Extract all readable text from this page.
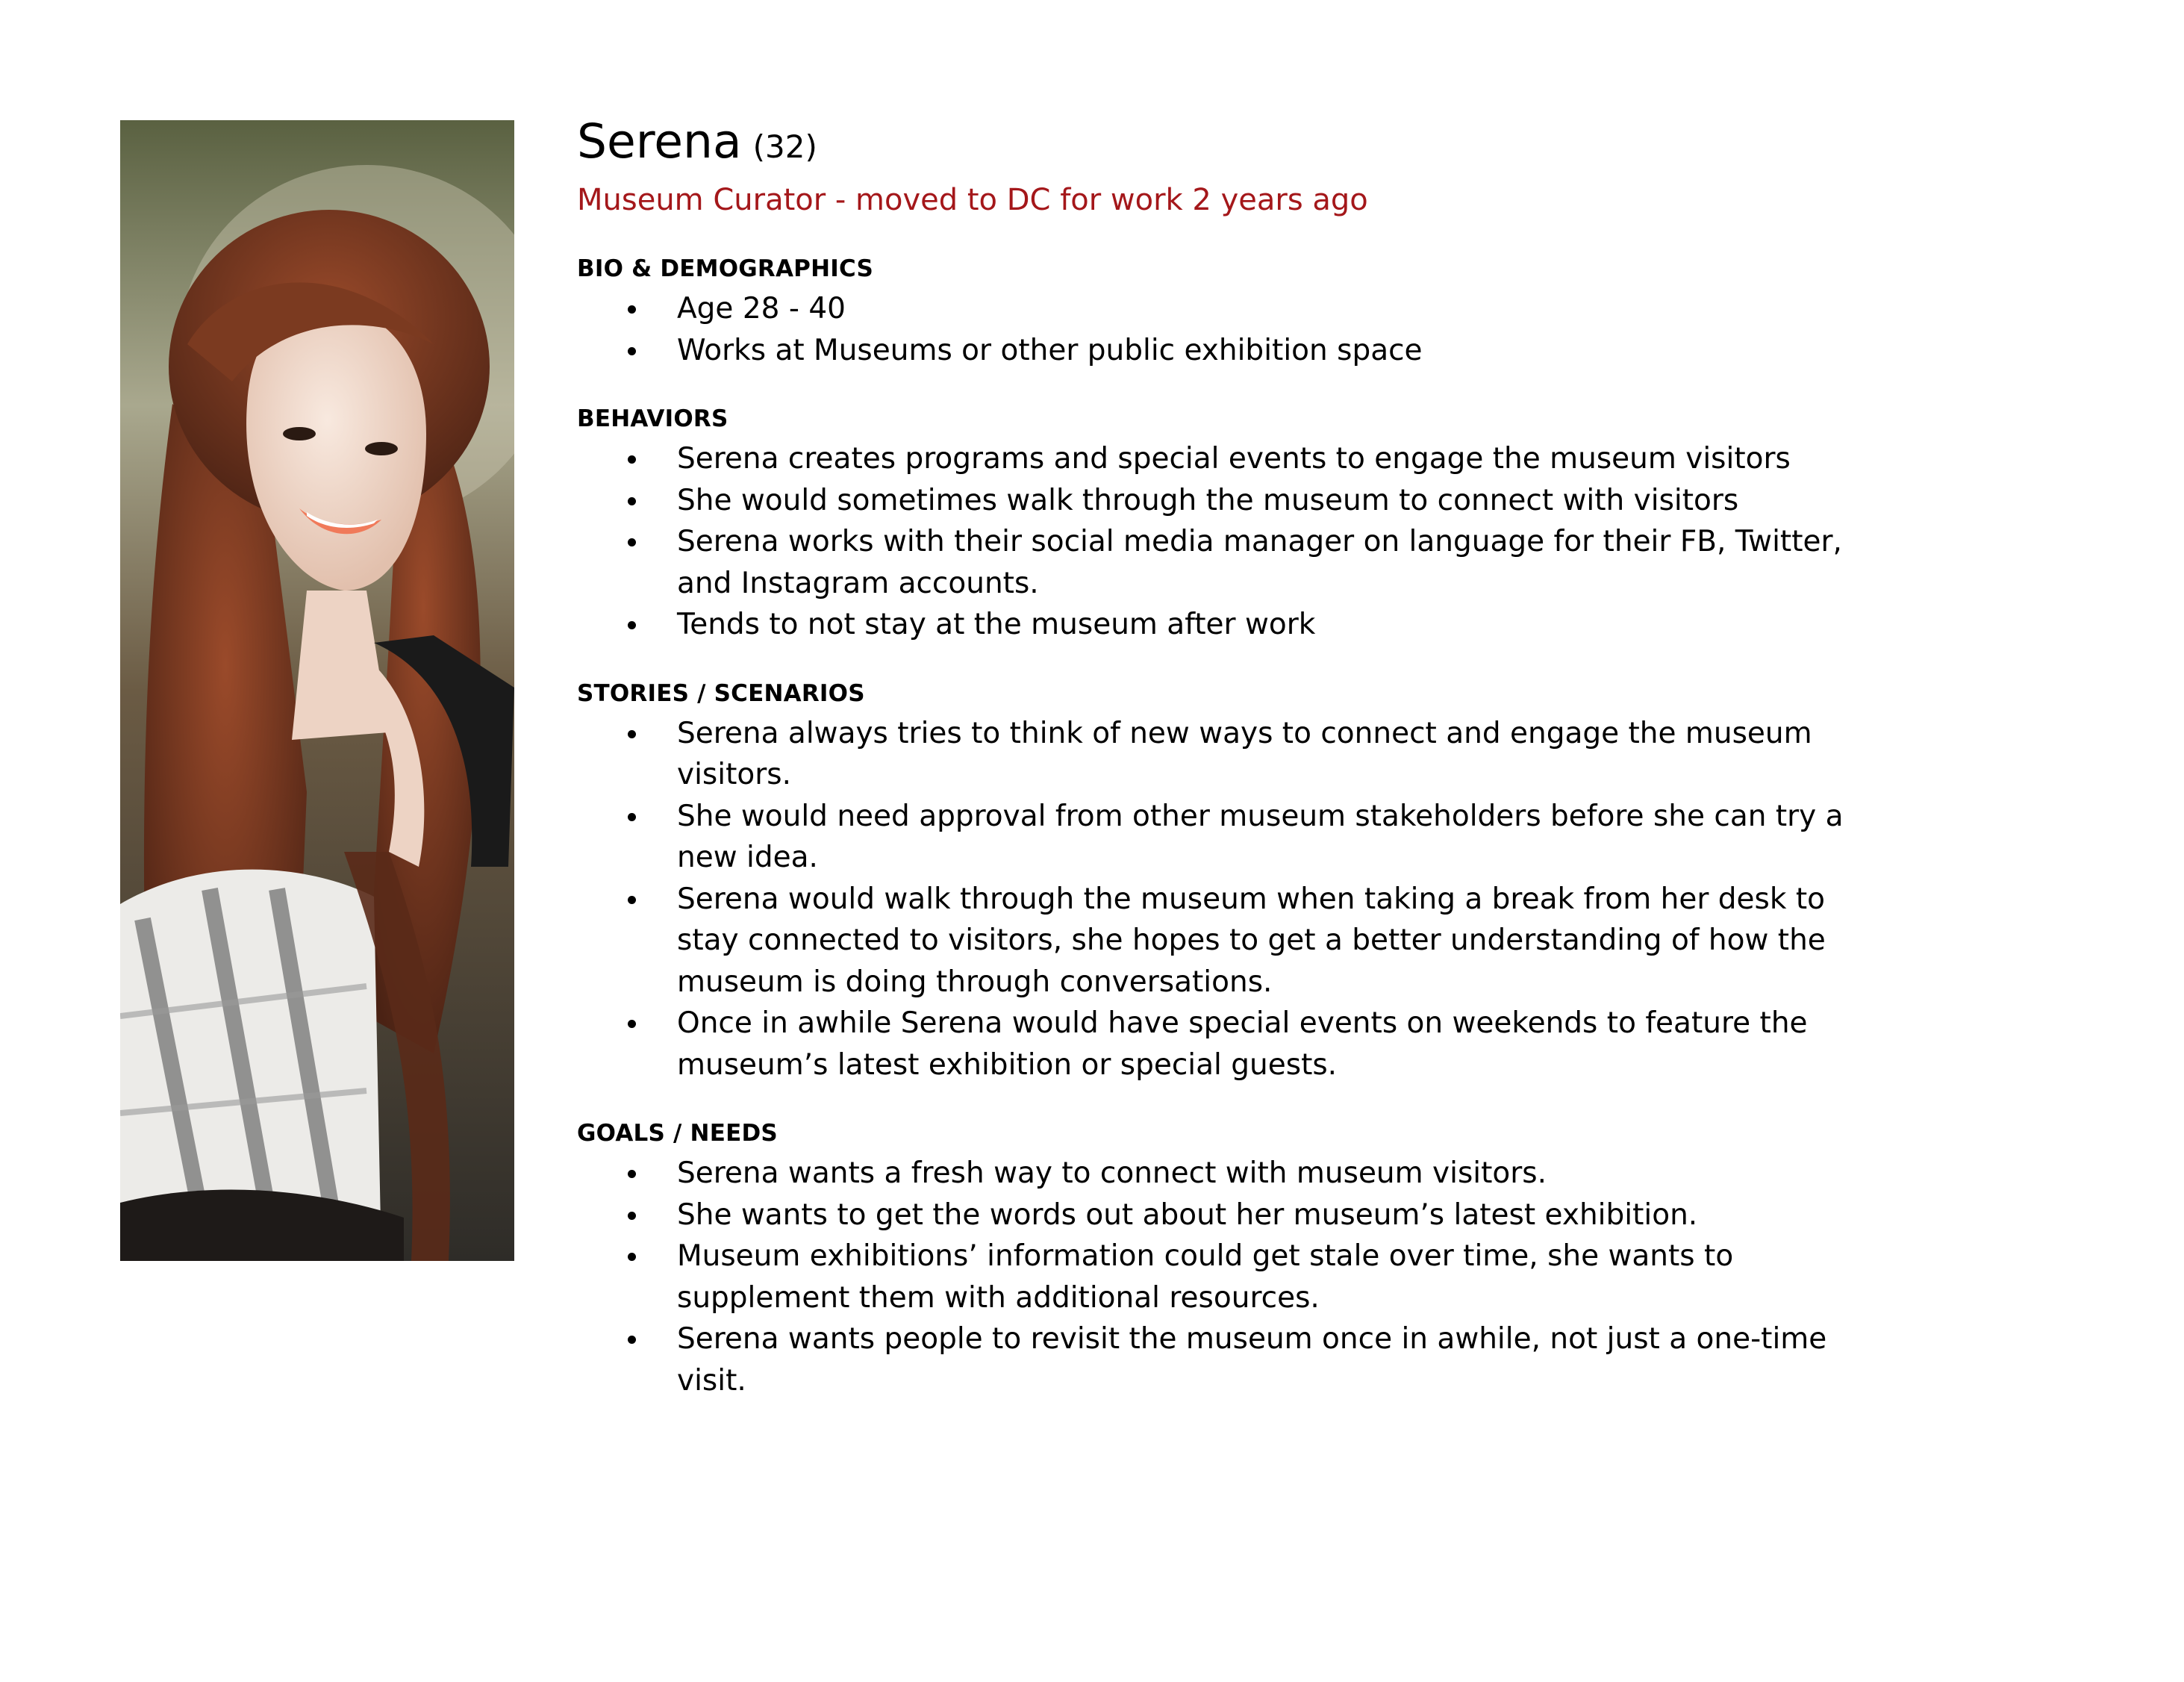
Serena (32)
Museum Curator - moved to DC for work 2 years ago
BIO & DEMOGRAPHICS
Age 28 - 40
Works at Museums or other public exhibition space
BEHAVIORS
Serena creates programs and special events to engage the museum visitors
She would sometimes walk through the museum to connect with visitors
Serena works with their social media manager on language for their FB, Twitter, and Instagram accounts.
Tends to not stay at the museum after work
STORIES / SCENARIOS
Serena always tries to think of new ways to connect and engage the museum visitors.
She would need approval from other museum stakeholders before she can try a new idea.
Serena would walk through the museum when taking a break from her desk to stay connected to visitors, she hopes to get a better understanding of how the museum is doing through conversations.
Once in awhile Serena would have special events on weekends to feature the museum’s latest exhibition or special guests.
GOALS / NEEDS
Serena wants a fresh way to connect with museum visitors.
She wants to get the words out about her museum’s latest exhibition.
Museum exhibitions’ information could get stale over time, she wants to supplement them with additional resources.
Serena wants people to revisit the museum once in awhile, not just a one-time visit.
